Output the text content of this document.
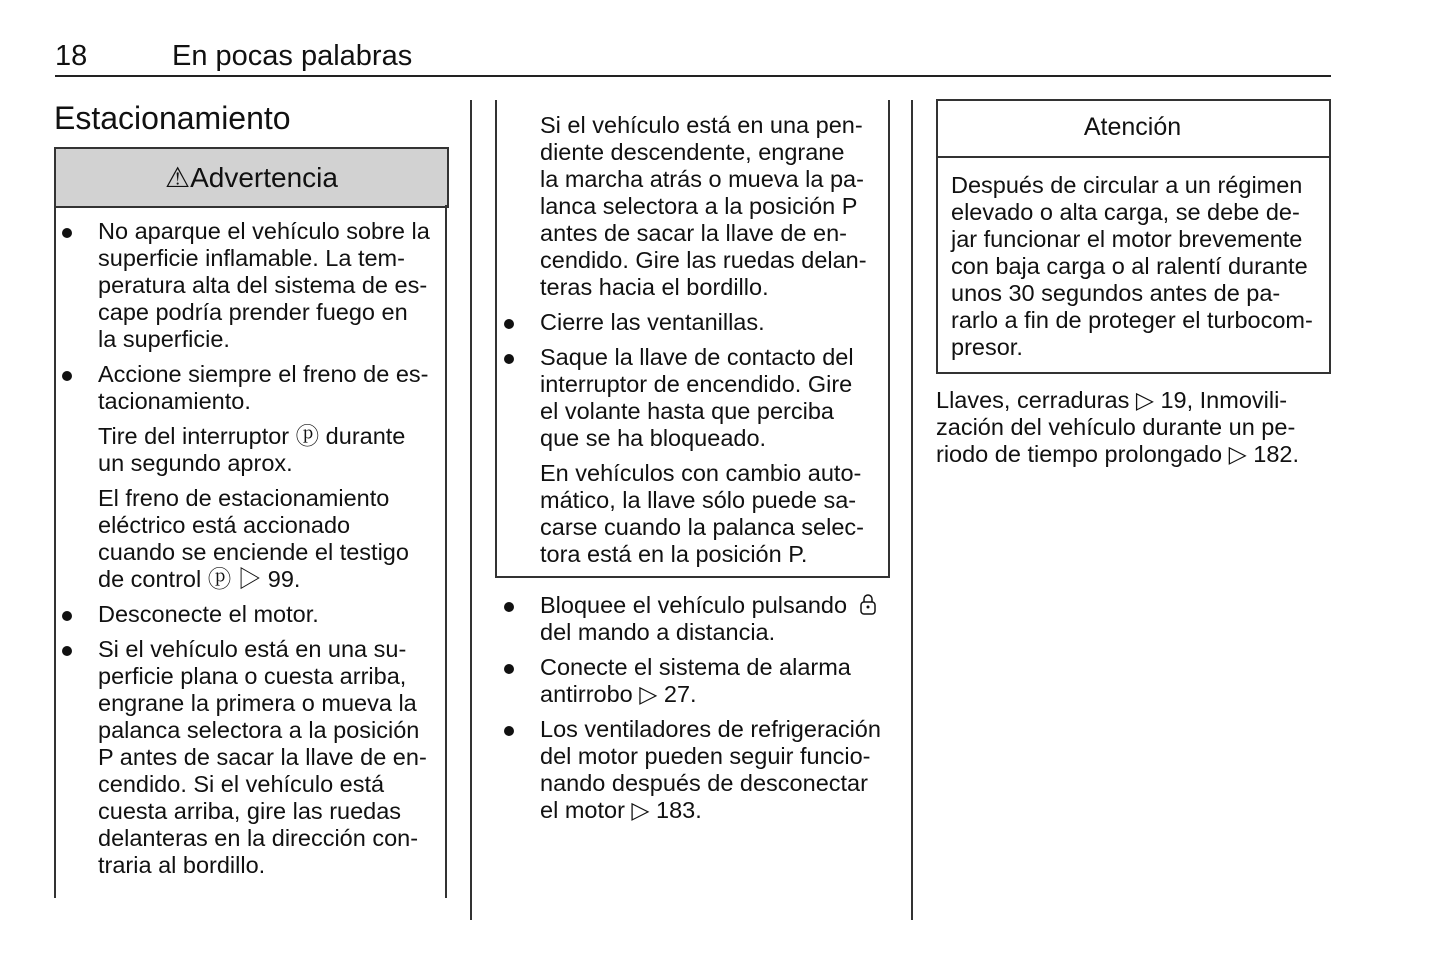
18	En pocas palabras
Estacionamiento
⚠Advertencia
No aparque el vehículo sobre la
superficie inflamable. La tem-
peratura alta del sistema de es-
cape podría prender fuego en
la superficie.
Accione siempre el freno de es-
tacionamiento.
Tire del interruptor ⓟ durante
un segundo aprox.
El freno de estacionamiento
eléctrico está accionado
cuando se enciende el testigo
de control ⓟ ▷ 99.
Desconecte el motor.
Si el vehículo está en una su-
perficie plana o cuesta arriba,
engrane la primera o mueva la
palanca selectora a la posición
P antes de sacar la llave de en-
cendido. Si el vehículo está
cuesta arriba, gire las ruedas
delanteras en la dirección con-
traria al bordillo.
Si el vehículo está en una pen-
diente descendente, engrane
la marcha atrás o mueva la pa-
lanca selectora a la posición P
antes de sacar la llave de en-
cendido. Gire las ruedas delan-
teras hacia el bordillo.
Cierre las ventanillas.
Saque la llave de contacto del
interruptor de encendido. Gire
el volante hasta que perciba
que se ha bloqueado.
En vehículos con cambio auto-
mático, la llave sólo puede sa-
carse cuando la palanca selec-
tora está en la posición P.
Bloquee el vehículo pulsando
del mando a distancia.
Conecte el sistema de alarma
antirrobo ▷ 27.
Los ventiladores de refrigeración
del motor pueden seguir funcio-
nando después de desconectar
el motor ▷ 183.
Atención
Después de circular a un régimen
elevado o alta carga, se debe de-
jar funcionar el motor brevemente
con baja carga o al ralentí durante
unos 30 segundos antes de pa-
rarlo a fin de proteger el turbocom-
presor.
Llaves, cerraduras ▷ 19, Inmovili-
zación del vehículo durante un pe-
riodo de tiempo prolongado ▷ 182.
